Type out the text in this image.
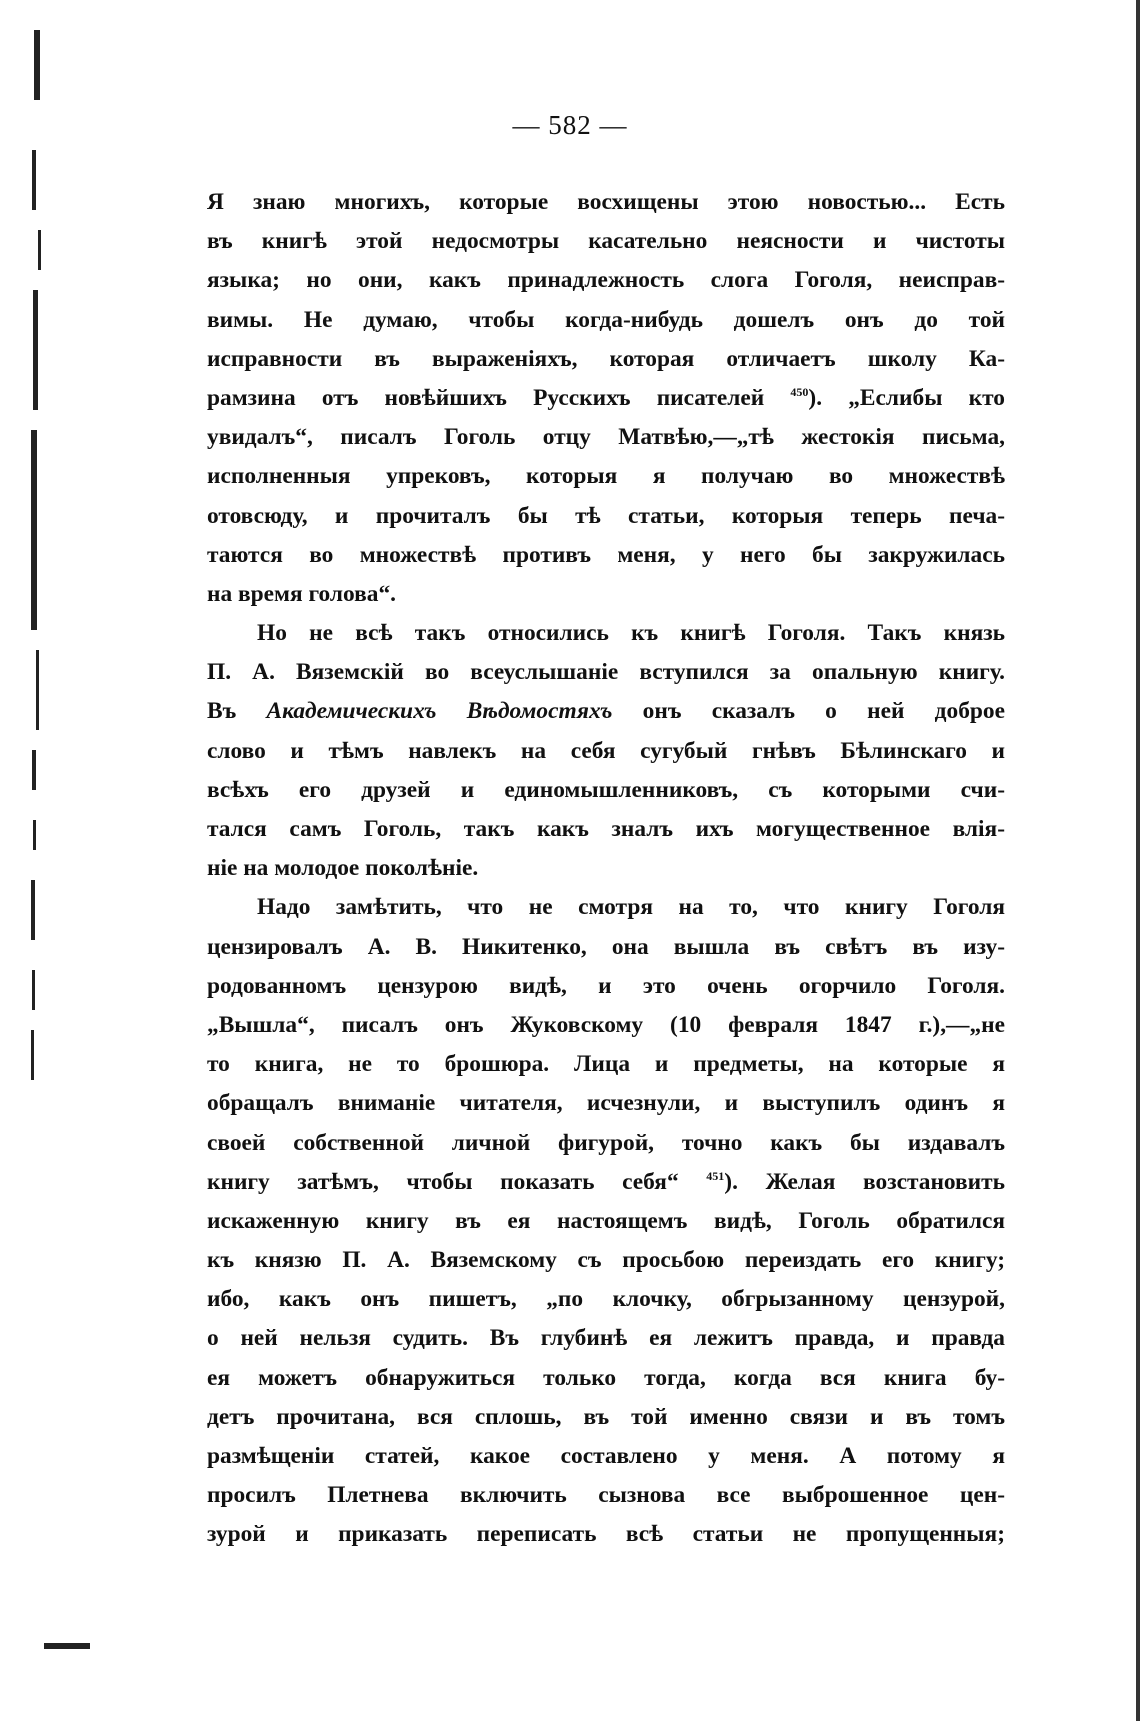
— 582 —
Я знаю многихъ, которые восхищены этою новостью... Есть
въ книгѣ этой недосмотры касательно неясности и чистоты
языка; но они, какъ принадлежность слога Гоголя, неисправ-
вимы. Не думаю, чтобы когда-нибудь дошелъ онъ до той
исправности въ выраженіяхъ, которая отличаетъ школу Ка-
рамзина отъ новѣйшихъ Русскихъ писателей $^{450}$). „Еслибы кто
увидалъ“, писалъ Гоголь отцу Матвѣю,—„тѣ жестокія письма,
исполненныя упрековъ, которыя я получаю во множествѣ
отовсюду, и прочиталъ бы тѣ статьи, которыя теперь печа-
таются во множествѣ противъ меня, у него бы закружилась
на время голова“.
Но не всѣ такъ относились къ книгѣ Гоголя. Такъ князь
П. А. Вяземскій во всеуслышаніе вступился за опальную книгу.
Въ Академическихъ Вѣдомостяхъ онъ сказалъ о ней доброе
слово и тѣмъ навлекъ на себя сугубый гнѣвъ Бѣлинскаго и
всѣхъ его друзей и единомышленниковъ, съ которыми счи-
тался самъ Гоголь, такъ какъ зналъ ихъ могущественное влія-
ніе на молодое поколѣніе.
Надо замѣтить, что не смотря на то, что книгу Гоголя
цензировалъ А. В. Никитенко, она вышла въ свѣтъ въ изу-
родованномъ цензурою видѣ, и это очень огорчило Гоголя.
„Вышла“, писалъ онъ Жуковскому (10 февраля 1847 г.),—„не
то книга, не то брошюра. Лица и предметы, на которые я
обращалъ вниманіе читателя, исчезнули, и выступилъ одинъ я
своей собственной личной фигурой, точно какъ бы издавалъ
книгу затѣмъ, чтобы показать себя“ $^{451}$). Желая возстановить
искаженную книгу въ ея настоящемъ видѣ, Гоголь обратился
къ князю П. А. Вяземскому съ просьбою переиздать его книгу;
ибо, какъ онъ пишетъ, „по клочку, обгрызанному цензурой,
о ней нельзя судить. Въ глубинѣ ея лежитъ правда, и правда
ея можетъ обнаружиться только тогда, когда вся книга бу-
детъ прочитана, вся сплошь, въ той именно связи и въ томъ
размѣщеніи статей, какое составлено у меня. А потому я
просилъ Плетнева включить сызнова все выброшенное цен-
зурой и приказать переписать всѣ статьи не пропущенныя;
